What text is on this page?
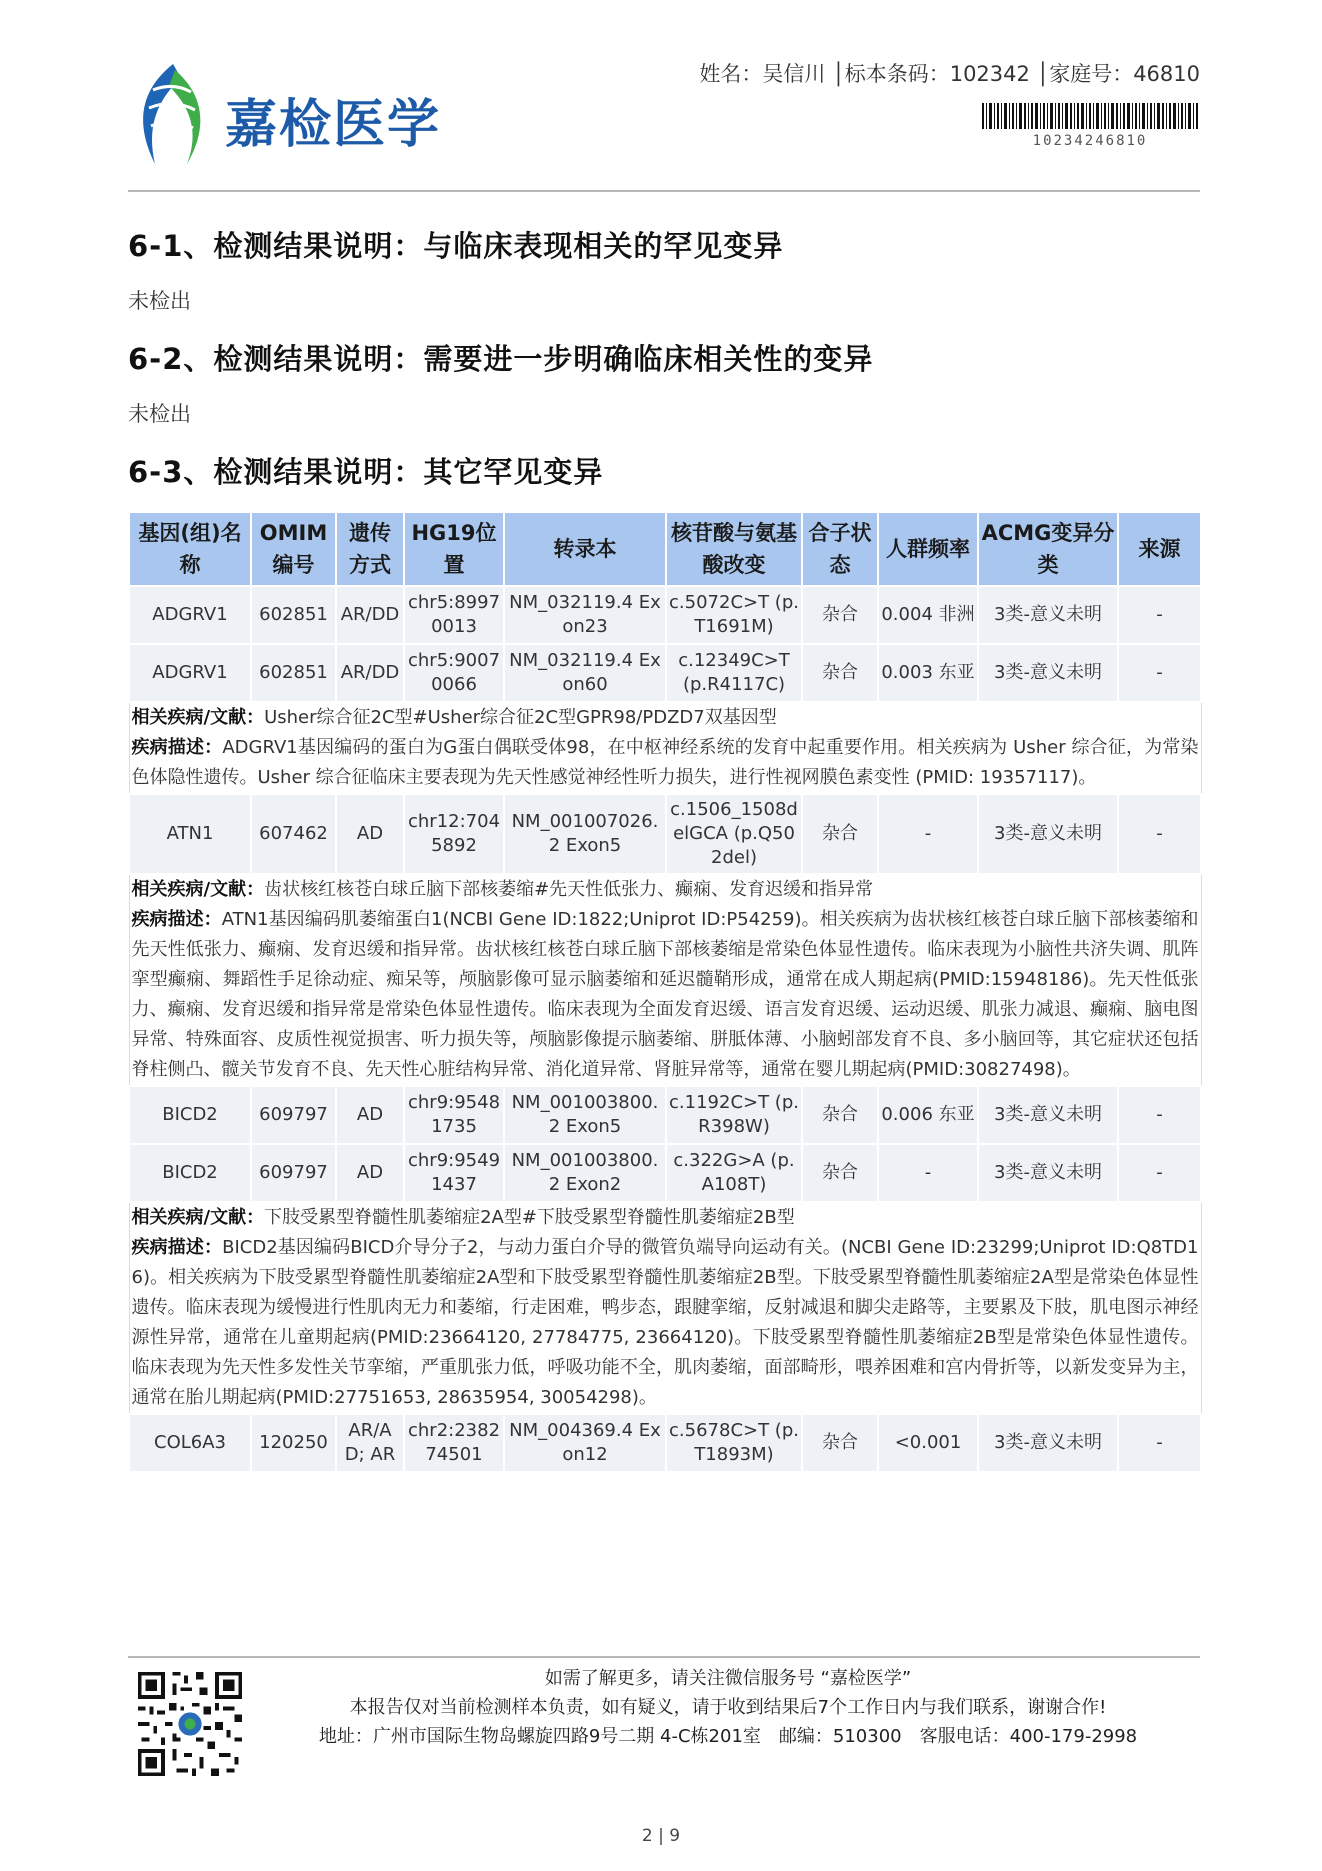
嘉检医学
姓名：吴信川 │标本条码：102342 │家庭号：46810
10234246810
6-1、检测结果说明：与临床表现相关的罕见变异

未检出

6-2、检测结果说明：需要进一步明确临床相关性的变异

未检出

6-3、检测结果说明：其它罕见变异
基因(组)名称	OMIM编号	遗传方式	HG19位置	转录本	核苷酸与氨基酸改变	合子状态	人群频率	ACMG变异分类	来源
ADGRV1	602851	AR/DD	chr5:89970013	NM_032119.4 Exon23	c.5072C>T (p.T1691M)	杂合	0.004 非洲	3类-意义未明	-
ADGRV1	602851	AR/DD	chr5:90070066	NM_032119.4 Exon60	c.12349C>T (p.R4117C)	杂合	0.003 东亚	3类-意义未明	-
相关疾病/文献：Usher综合征2C型#Usher综合征2C型GPR98/PDZD7双基因型
疾病描述：ADGRV1基因编码的蛋白为G蛋白偶联受体98，在中枢神经系统的发育中起重要作用。相关疾病为 Usher 综合征，为常染色体隐性遗传。Usher 综合征临床主要表现为先天性感觉神经性听力损失，进行性视网膜色素变性 (PMID: 19357117)。									
ATN1	607462	AD	chr12:7045892	NM_001007026.2 Exon5	c.1506_1508delGCA (p.Q502del)	杂合	-	3类-意义未明	-
相关疾病/文献：齿状核红核苍白球丘脑下部核萎缩#先天性低张力、癫痫、发育迟缓和指异常
疾病描述：ATN1基因编码肌萎缩蛋白1(NCBI Gene ID:1822;Uniprot ID:P54259)。相关疾病为齿状核红核苍白球丘脑下部核萎缩和先天性低张力、癫痫、发育迟缓和指异常。齿状核红核苍白球丘脑下部核萎缩是常染色体显性遗传。临床表现为小脑性共济失调、肌阵挛型癫痫、舞蹈性手足徐动症、痴呆等，颅脑影像可显示脑萎缩和延迟髓鞘形成，通常在成人期起病(PMID:15948186)。先天性低张力、癫痫、发育迟缓和指异常是常染色体显性遗传。临床表现为全面发育迟缓、语言发育迟缓、运动迟缓、肌张力减退、癫痫、脑电图异常、特殊面容、皮质性视觉损害、听力损失等，颅脑影像提示脑萎缩、胼胝体薄、小脑蚓部发育不良、多小脑回等，其它症状还包括脊柱侧凸、髋关节发育不良、先天性心脏结构异常、消化道异常、肾脏异常等，通常在婴儿期起病(PMID:30827498)。									
BICD2	609797	AD	chr9:95481735	NM_001003800.2 Exon5	c.1192C>T (p.R398W)	杂合	0.006 东亚	3类-意义未明	-
BICD2	609797	AD	chr9:95491437	NM_001003800.2 Exon2	c.322G>A (p.A108T)	杂合	-	3类-意义未明	-
相关疾病/文献：下肢受累型脊髓性肌萎缩症2A型#下肢受累型脊髓性肌萎缩症2B型
疾病描述：BICD2基因编码BICD介导分子2，与动力蛋白介导的微管负端导向运动有关。(NCBI Gene ID:23299;Uniprot ID:Q8TD16)。相关疾病为下肢受累型脊髓性肌萎缩症2A型和下肢受累型脊髓性肌萎缩症2B型。下肢受累型脊髓性肌萎缩症2A型是常染色体显性遗传。临床表现为缓慢进行性肌肉无力和萎缩，行走困难，鸭步态，跟腱挛缩，反射减退和脚尖走路等，主要累及下肢，肌电图示神经源性异常，通常在儿童期起病(PMID:23664120, 27784775, 23664120)。下肢受累型脊髓性肌萎缩症2B型是常染色体显性遗传。临床表现为先天性多发性关节挛缩，严重肌张力低，呼吸功能不全，肌肉萎缩，面部畸形，喂养困难和宫内骨折等，以新发变异为主，通常在胎儿期起病(PMID:27751653, 28635954, 30054298)。									
COL6A3	120250	AR/AD; AR	chr2:238274501	NM_004369.4 Exon12	c.5678C>T (p.T1893M)	杂合	<0.001	3类-意义未明	-
如需了解更多，请关注微信服务号 “嘉检医学”
本报告仅对当前检测样本负责，如有疑义，请于收到结果后7个工作日内与我们联系，谢谢合作!
地址：广州市国际生物岛螺旋四路9号二期 4-C栋201室　邮编：510300　客服电话：400-179-2998
2 | 9
